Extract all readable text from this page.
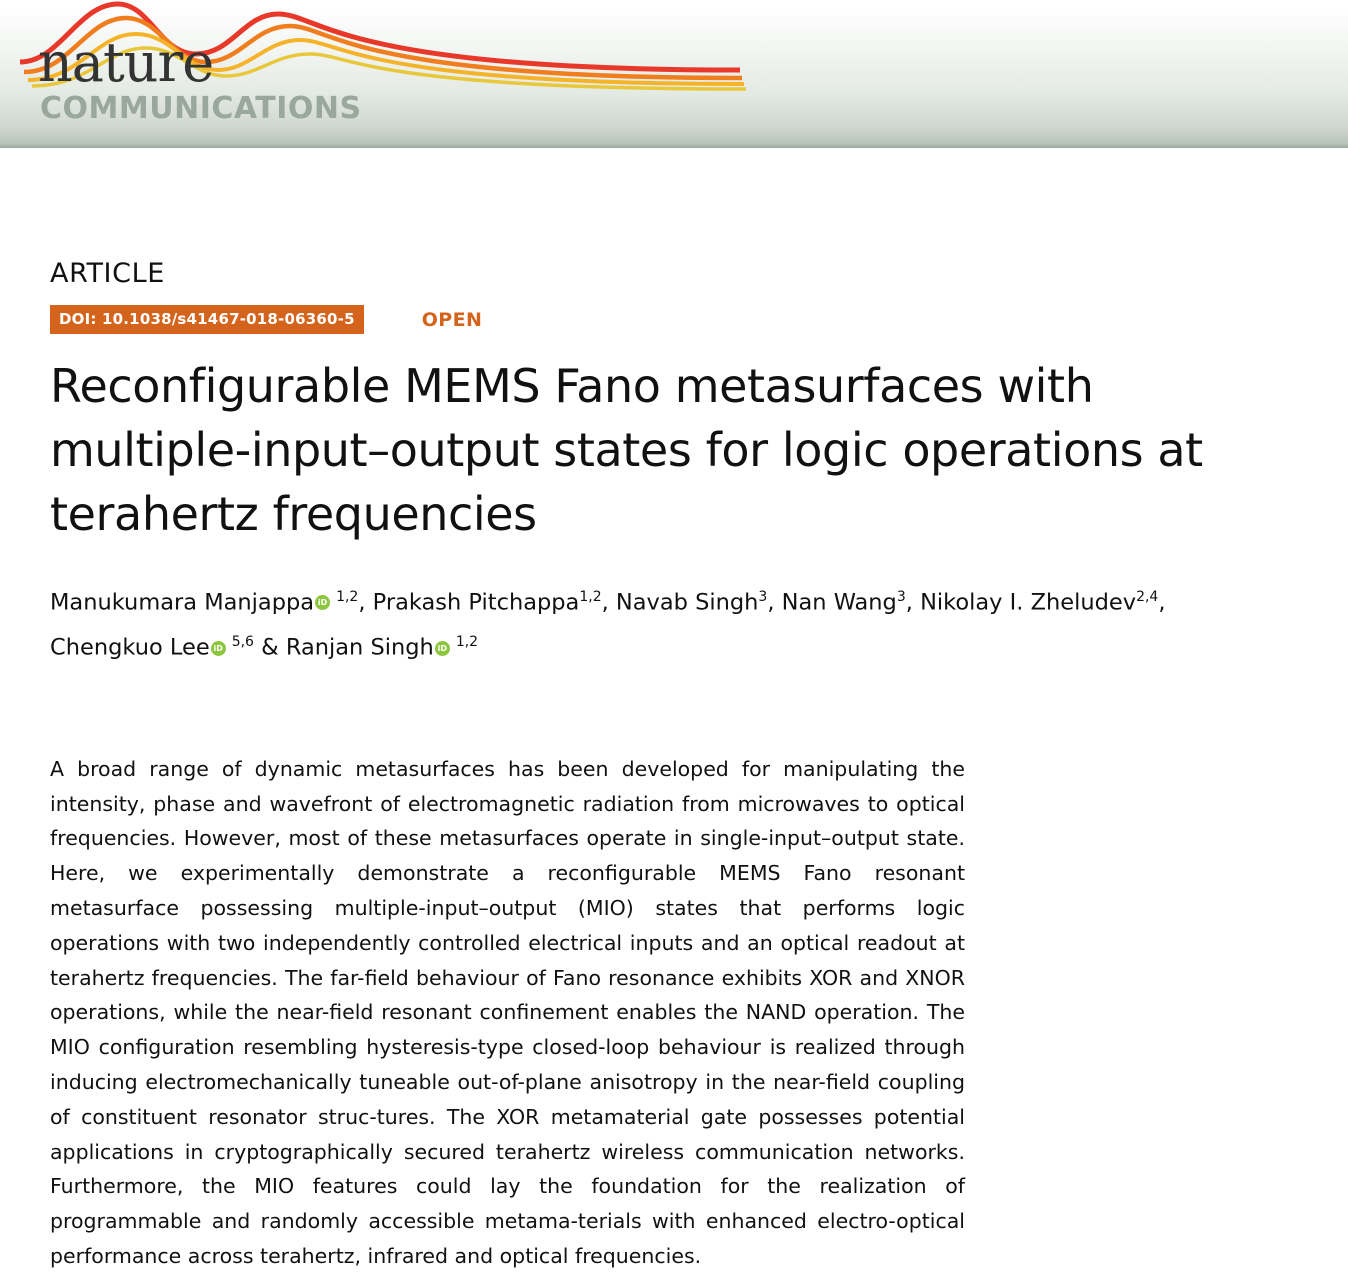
nature
COMMUNICATIONS
ARTICLE
DOI: 10.1038/s41467-018-06360-5	OPEN
Reconfigurable MEMS Fano metasurfaces with multiple-input–output states for logic operations at terahertz frequencies
Manukumara Manjappa iD $^{1,2}$, Prakash Pitchappa$^{1,2}$, Navab Singh$^3$, Nan Wang$^3$, Nikolay I. Zheludev$^{2,4}$, Chengkuo Lee iD $^{5,6}$ & Ranjan Singh iD $^{1,2}$
A broad range of dynamic metasurfaces has been developed for manipulating the intensity, phase and wavefront of electromagnetic radiation from microwaves to optical frequencies. However, most of these metasurfaces operate in single-input–output state. Here, we experimentally demonstrate a reconfigurable MEMS Fano resonant metasurface possessing multiple-input–output (MIO) states that performs logic operations with two independently controlled electrical inputs and an optical readout at terahertz frequencies. The far-field behaviour of Fano resonance exhibits XOR and XNOR operations, while the near-field resonant confinement enables the NAND operation. The MIO configuration resembling hysteresis-type closed-loop behaviour is realized through inducing electromechanically tuneable out-of-plane anisotropy in the near-field coupling of constituent resonator struc-tures. The XOR metamaterial gate possesses potential applications in cryptographically secured terahertz wireless communication networks. Furthermore, the MIO features could lay the foundation for the realization of programmable and randomly accessible metama-terials with enhanced electro-optical performance across terahertz, infrared and optical frequencies.
